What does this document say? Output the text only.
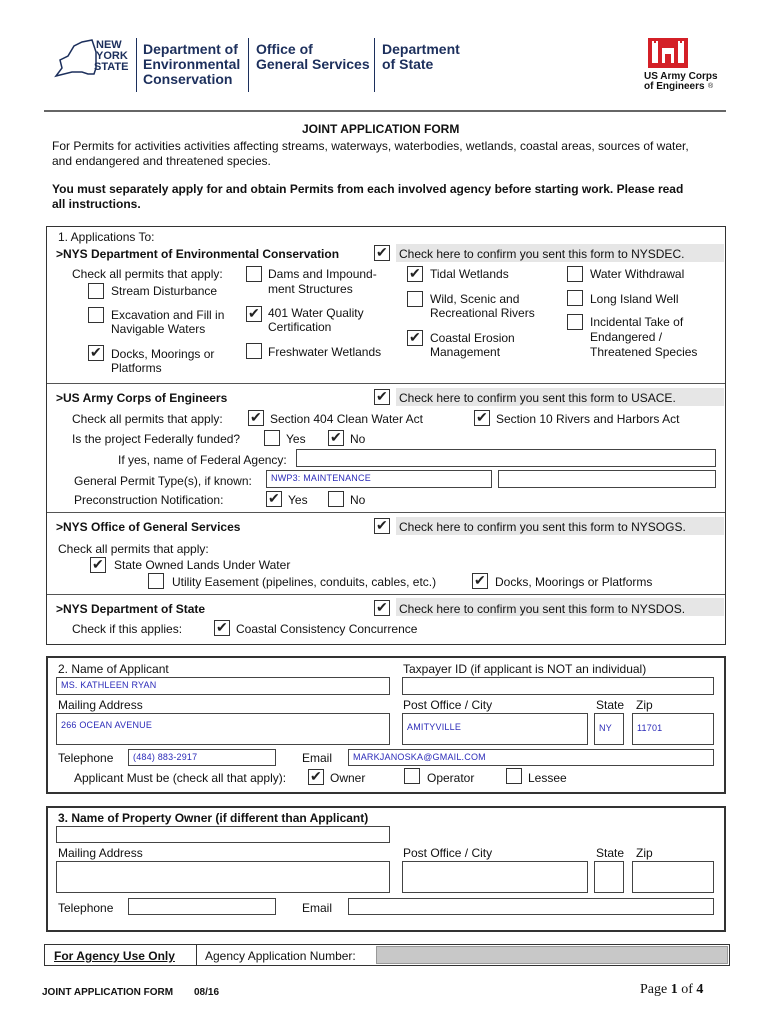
NEW
YORK
STATE
Department of
Environmental
Conservation
Office of
General Services
Department
of State
US Army Corps
of Engineers ®
JOINT APPLICATION FORM
For Permits for activities activities affecting streams, waterways, waterbodies, wetlands, coastal areas, sources of water,
and endangered and threatened species.
You must separately apply for and obtain Permits from each involved agency before starting work. Please read
all instructions.
1. Applications To:
>NYS Department of Environmental Conservation	✔ Check here to confirm you sent this form to NYSDEC.
Check all permits that apply:
Stream Disturbance
Excavation and Fill in
Navigable Waters
✔ Docks, Moorings or
Platforms
Dams and Impound-
ment Structures
✔ 401 Water Quality
Certification
Freshwater Wetlands
✔ Tidal Wetlands
Wild, Scenic and
Recreational Rivers
✔ Coastal Erosion
Management
Water Withdrawal
Long Island Well
Incidental Take of
Endangered /
Threatened Species
>US Army Corps of Engineers	✔ Check here to confirm you sent this form to USACE.
Check all permits that apply: ✔ Section 404 Clean Water Act	✔ Section 10 Rivers and Harbors Act
Is the project Federally funded?	Yes ✔ No
If yes, name of Federal Agency:
General Permit Type(s), if known: NWP3: MAINTENANCE
Preconstruction Notification:	✔ Yes	No
>NYS Office of General Services	✔ Check here to confirm you sent this form to NYSOGS.
Check all permits that apply:
✔ State Owned Lands Under Water
Utility Easement (pipelines, conduits, cables, etc.)	✔ Docks, Moorings or Platforms
>NYS Department of State	✔ Check here to confirm you sent this form to NYSDOS.
Check if this applies: ✔ Coastal Consistency Concurrence
2. Name of Applicant	Taxpayer ID (if applicant is NOT an individual)
MS. KATHLEEN RYAN
Mailing Address	Post Office / City	State Zip
266 OCEAN AVENUE	AMITYVILLE	NY	11701
Telephone (484) 883-2917	Email MARKJANOSKA@GMAIL.COM
Applicant Must be (check all that apply): ✔ Owner	Operator	Lessee
3. Name of Property Owner (if different than Applicant)
Mailing Address	Post Office / City	State Zip
Telephone	Email
For Agency Use Only	Agency Application Number:
JOINT APPLICATION FORM 08/16	Page 1 of 4
